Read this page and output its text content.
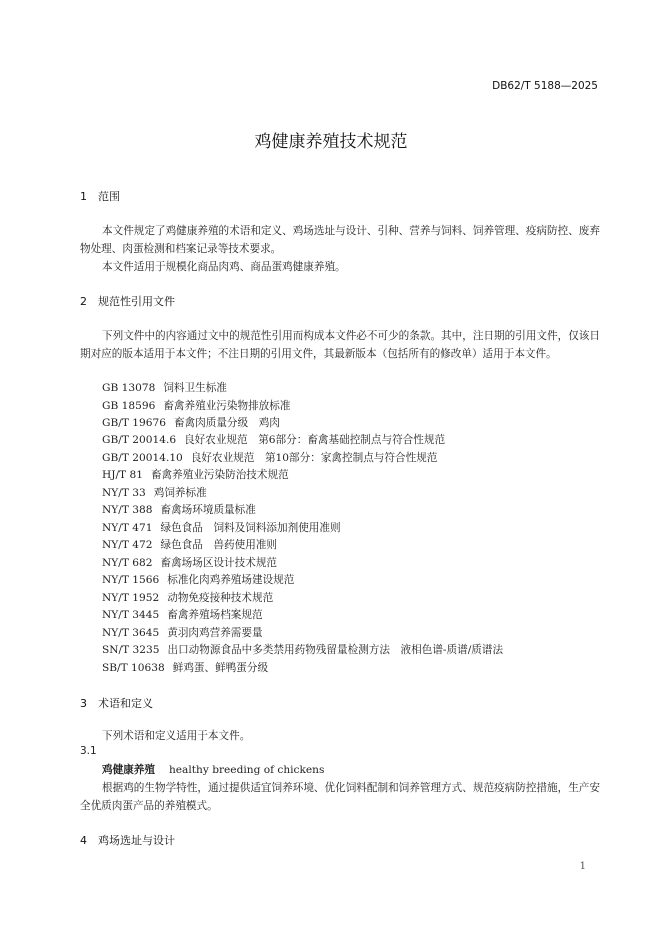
DB62/T 5188—2025
鸡健康养殖技术规范
1 范围
本文件规定了鸡健康养殖的术语和定义、鸡场选址与设计、引种、营养与饲料、饲养管理、疫病防控、废弃物处理、肉蛋检测和档案记录等技术要求。
本文件适用于规模化商品肉鸡、商品蛋鸡健康养殖。
2 规范性引用文件
下列文件中的内容通过文中的规范性引用而构成本文件必不可少的条款。其中，注日期的引用文件，仅该日期对应的版本适用于本文件；不注日期的引用文件，其最新版本（包括所有的修改单）适用于本文件。
GB 13078 饲料卫生标准
GB 18596 畜禽养殖业污染物排放标准
GB/T 19676 畜禽肉质量分级　鸡肉
GB/T 20014.6 良好农业规范　第6部分：畜禽基础控制点与符合性规范
GB/T 20014.10 良好农业规范　第10部分：家禽控制点与符合性规范
HJ/T 81 畜禽养殖业污染防治技术规范
NY/T 33 鸡饲养标准
NY/T 388 畜禽场环境质量标准
NY/T 471 绿色食品　饲料及饲料添加剂使用准则
NY/T 472 绿色食品　兽药使用准则
NY/T 682 畜禽场场区设计技术规范
NY/T 1566 标准化肉鸡养殖场建设规范
NY/T 1952 动物免疫接种技术规范
NY/T 3445 畜禽养殖场档案规范
NY/T 3645 黄羽肉鸡营养需要量
SN/T 3235 出口动物源食品中多类禁用药物残留量检测方法　液相色谱-质谱/质谱法
SB/T 10638 鲜鸡蛋、鲜鸭蛋分级
3 术语和定义
下列术语和定义适用于本文件。
3.1
鸡健康养殖 healthy breeding of chickens
根据鸡的生物学特性，通过提供适宜饲养环境、优化饲料配制和饲养管理方式、规范疫病防控措施，生产安全优质肉蛋产品的养殖模式。
4 鸡场选址与设计
1
